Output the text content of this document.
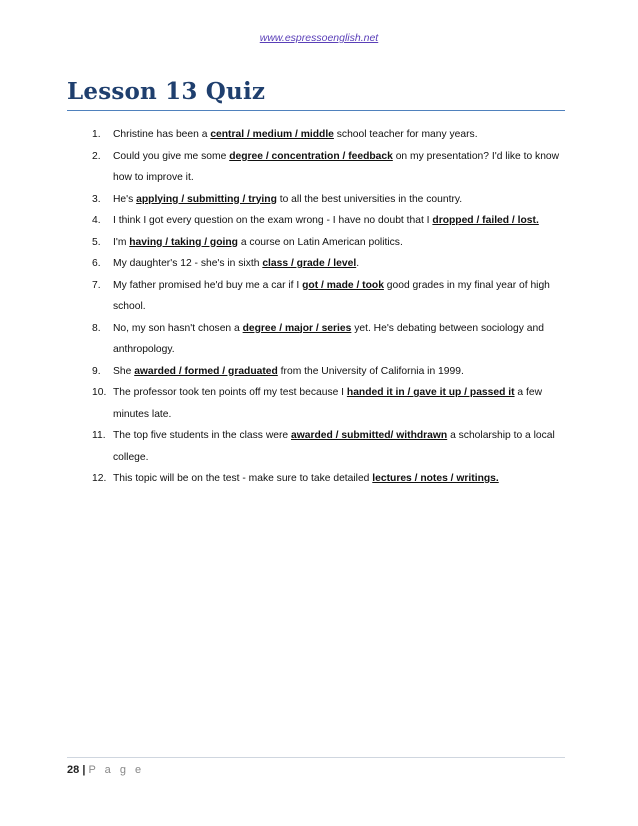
www.espressoenglish.net
Lesson 13 Quiz
1. Christine has been a central / medium / middle school teacher for many years.
2. Could you give me some degree / concentration / feedback on my presentation? I'd like to know how to improve it.
3. He's applying / submitting / trying to all the best universities in the country.
4. I think I got every question on the exam wrong - I have no doubt that I dropped / failed / lost.
5. I'm having / taking / going a course on Latin American politics.
6. My daughter's 12 - she's in sixth class / grade / level.
7. My father promised he'd buy me a car if I got / made / took good grades in my final year of high school.
8. No, my son hasn't chosen a degree / major / series yet. He's debating between sociology and anthropology.
9. She awarded / formed / graduated from the University of California in 1999.
10. The professor took ten points off my test because I handed it in / gave it up / passed it a few minutes late.
11. The top five students in the class were awarded / submitted/ withdrawn a scholarship to a local college.
12. This topic will be on the test - make sure to take detailed lectures / notes / writings.
28 | P a g e
